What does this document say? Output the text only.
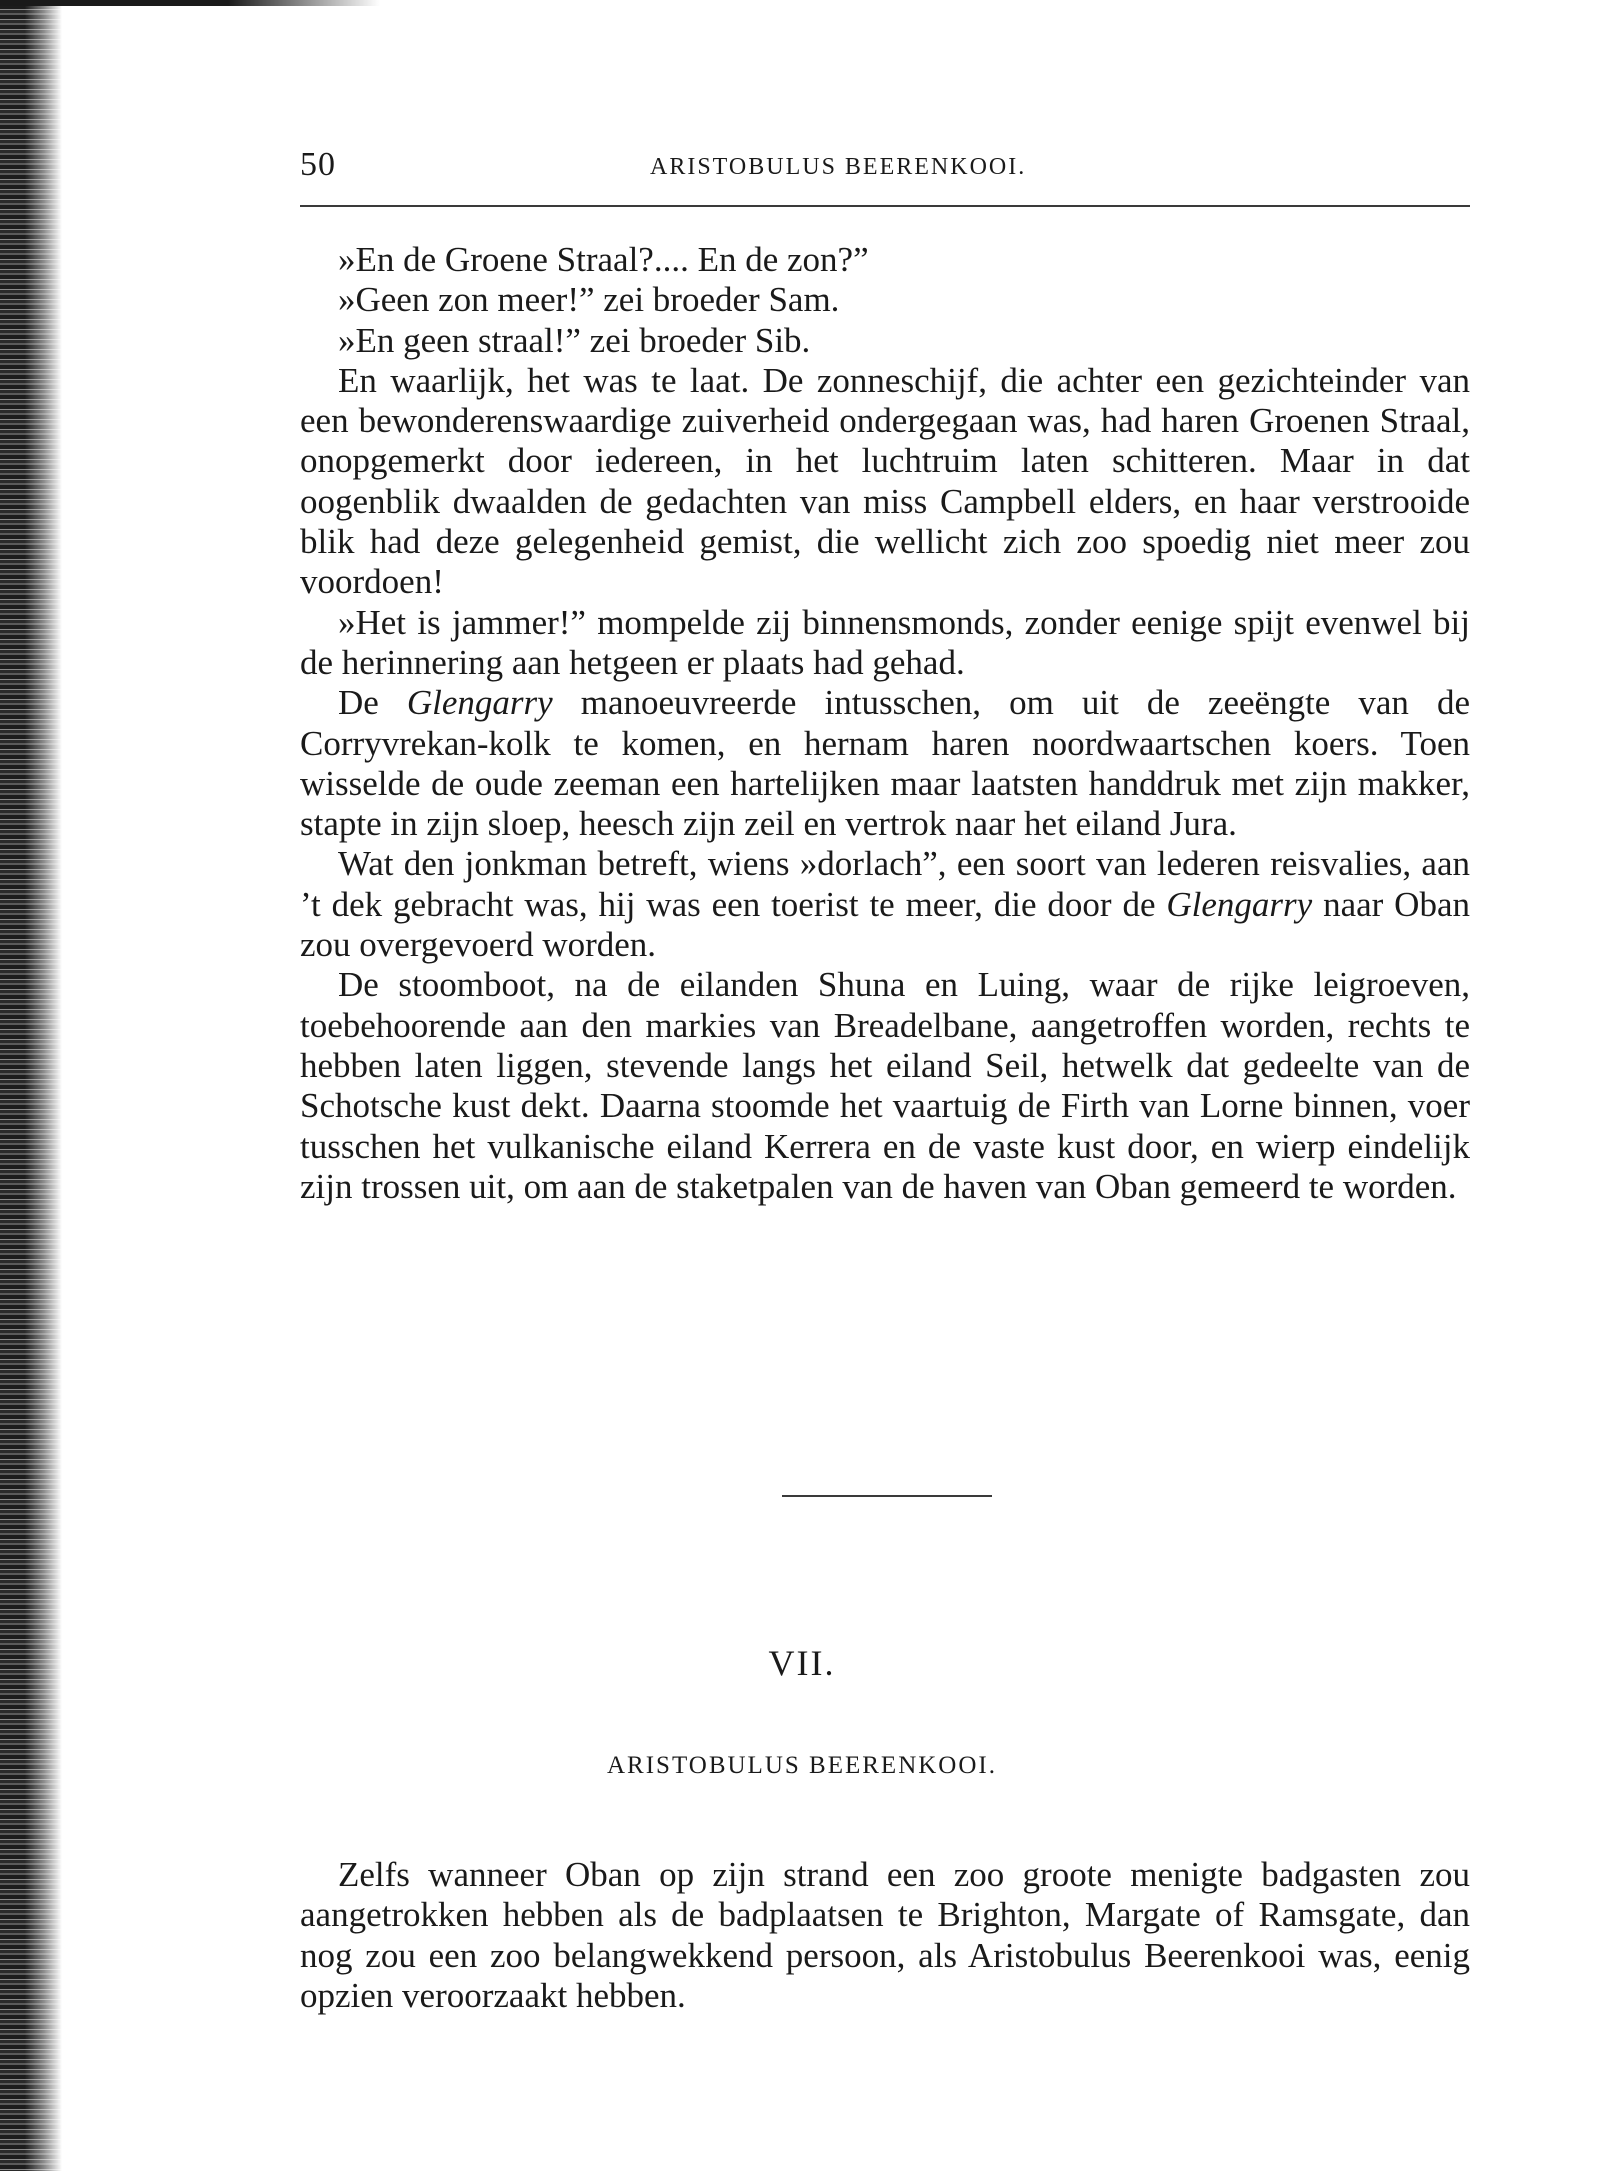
50	ARISTOBULUS BEERENKOOI.

»En de Groene Straal?.... En de zon?”

»Geen zon meer!” zei broeder Sam.

»En geen straal!” zei broeder Sib.

En waarlijk, het was te laat. De zonneschijf, die achter een gezichteinder van een bewonderenswaardige zuiverheid ondergegaan was, had haren Groenen Straal, onopgemerkt door iedereen, in het luchtruim laten schitteren. Maar in dat oogenblik dwaalden de gedachten van miss Campbell elders, en haar verstrooide blik had deze gelegenheid gemist, die wellicht zich zoo spoedig niet meer zou voordoen!

»Het is jammer!” mompelde zij binnensmonds, zonder eenige spijt evenwel bij de herinnering aan hetgeen er plaats had gehad.

De Glengarry manoeuvreerde intusschen, om uit de zeeëngte van de Corryvrekan-kolk te komen, en hernam haren noordwaartschen koers. Toen wisselde de oude zeeman een hartelijken maar laatsten handdruk met zijn makker, stapte in zijn sloep, heesch zijn zeil en vertrok naar het eiland Jura.

Wat den jonkman betreft, wiens »dorlach”, een soort van lederen reisvalies, aan ’t dek gebracht was, hij was een toerist te meer, die door de Glengarry naar Oban zou overgevoerd worden.

De stoomboot, na de eilanden Shuna en Luing, waar de rijke leigroeven, toebehoorende aan den markies van Breadelbane, aangetroffen worden, rechts te hebben laten liggen, stevende langs het eiland Seil, hetwelk dat gedeelte van de Schotsche kust dekt. Daarna stoomde het vaartuig de Firth van Lorne binnen, voer tusschen het vulkanische eiland Kerrera en de vaste kust door, en wierp eindelijk zijn trossen uit, om aan de staketpalen van de haven van Oban gemeerd te worden.

VII.
ARISTOBULUS BEERENKOOI.

Zelfs wanneer Oban op zijn strand een zoo groote menigte badgasten zou aangetrokken hebben als de badplaatsen te Brighton, Margate of Ramsgate, dan nog zou een zoo belangwekkend persoon, als Aristobulus Beerenkooi was, eenig opzien veroorzaakt hebben.
